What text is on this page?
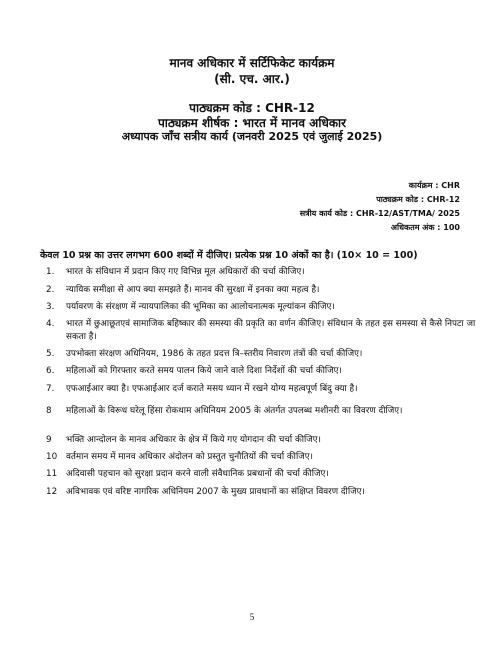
मानव अधिकार में सर्टिफिकेट कार्यक्रम
(सी. एच. आर.)
पाठ्यक्रम कोड : CHR-12
पाठ्यक्रम शीर्षक : भारत में मानव अधिकार
अध्यापक जाँच सत्रीय कार्य (जनवरी 2025 एवं जुलाई 2025)
कार्यक्रम : CHR
पाठ्यक्रम कोड : CHR-12
सत्रीय कार्य कोड : CHR-12/AST/TMA/ 2025
अधिकतम अंक : 100
केवल 10 प्रश्न का उत्तर लगभग 600 शब्दों में दीजिए। प्रत्येक प्रश्न 10 अंकों का है। (10× 10 = 100)
1.	भारत के संविधान में प्रदान किए गए विभिन्न मूल अधिकारों की चर्चा कीजिए।
2.	न्यायिक समीक्षा से आप क्या समझते हैं। मानव की सुरक्षा में इनका क्या महत्व है।
3.	पर्यावरण के संरक्षण में न्यायपालिका की भूमिका का आलोचनात्मक मूल्यांकन कीजिए।
4.	भारत में छुआछूतएवं सामाजिक बहिष्कार की समस्या की प्रकृति का वर्णन कीजिए। संविधान के तहत इस समस्या से कैसे निपटा जा सकता है।
5.	उपभोक्ता संरक्षण अधिनियम, 1986 के तहत प्रदत्त त्रि–स्तरीय निवारण तंत्रों की चर्चा कीजिए।
6.	महिलाओं को गिरफ्तार करते समय पालन किये जाने वाले दिशा निर्देशों की चर्चा कीजिए।
7.	एफआईआर क्या है। एफआईआर दर्ज कराते मसय ध्यान में रखने योग्य महत्वपूर्ण बिंदु क्या है।
8	महिलाओं के विरूध घरेलू हिंसा रोकथाम अधिनियम 2005 के अंतर्गत उपलब्ध मशीनरी का विवरण दीजिए।
9	भक्ति आन्दोलन के मानव अधिकार के क्षेत्र में किये गए योगदान की चर्चा कीजिए।
10 वर्तमान समय में मानव अधिकार अंदोलन को प्रस्तुत चुनौतियों की चर्चा कीजिए।
11 अदिवासी पहचान को सुरक्षा प्रदान करने वाली संवैधानिक प्रबधानों की चर्चा कीजिए।
12 अविभावक एवं वरिष्ट नागरिक अधिनियम 2007 के मुख्य प्रावधानों का संक्षिप्त विवरण दीजिए।
5
